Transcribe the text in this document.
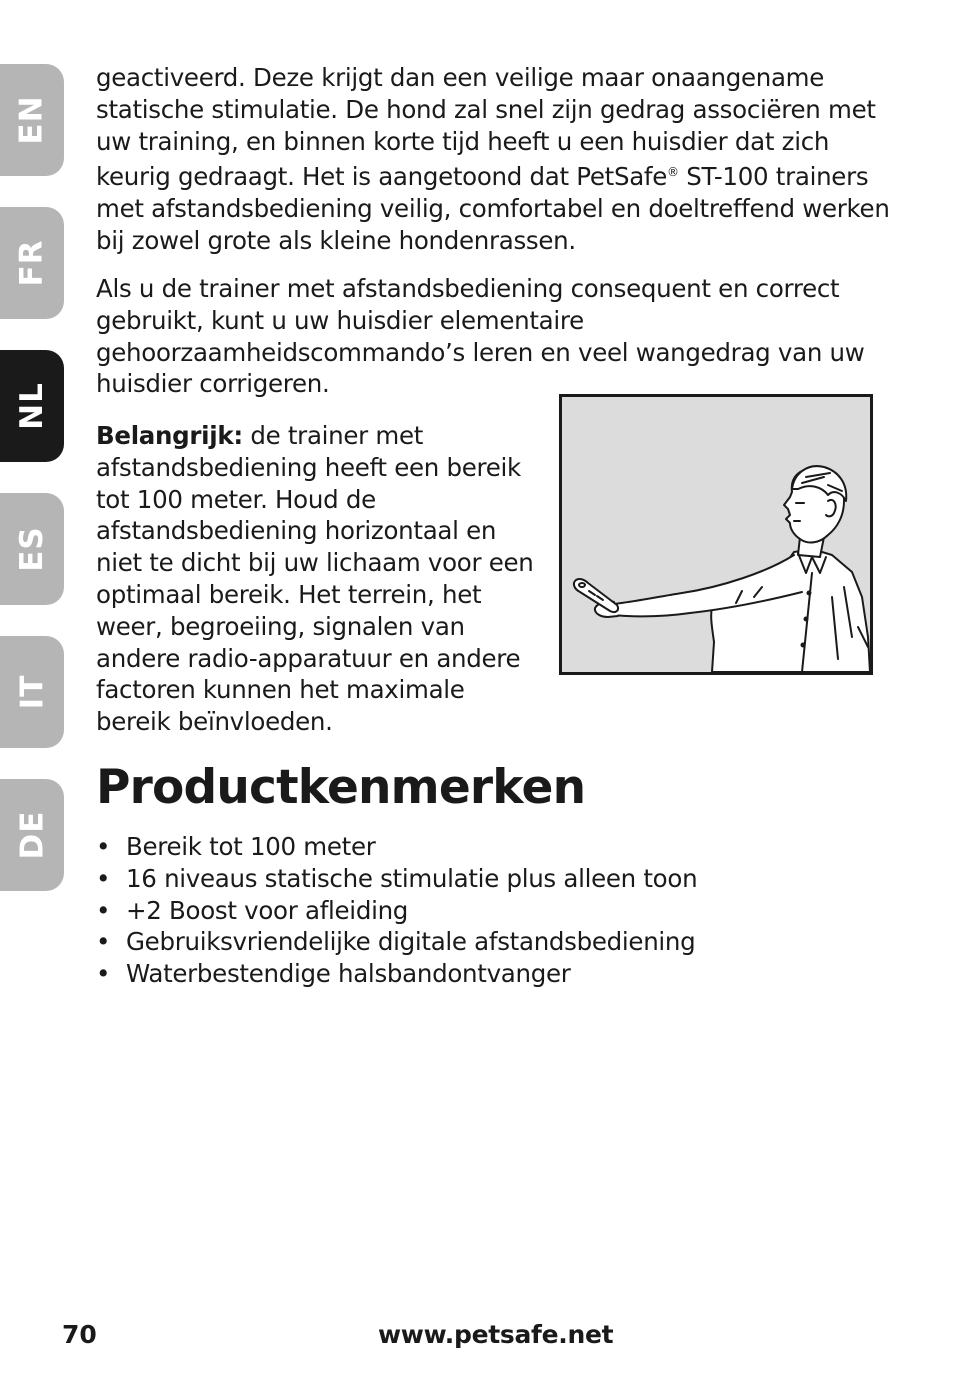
EN
FR
NL
ES
IT
DE

geactiveerd. Deze krijgt dan een veilige maar onaangename statische stimulatie. De hond zal snel zijn gedrag associëren met uw training, en binnen korte tijd heeft u een huisdier dat zich keurig gedraagt. Het is aangetoond dat PetSafe® ST-100 trainers met afstandsbediening veilig, comfortabel en doeltreffend werken bij zowel grote als kleine hondenrassen.

Als u de trainer met afstandsbediening consequent en correct gebruikt, kunt u uw huisdier elementaire gehoorzaamheidscommando’s leren en veel wangedrag van uw huisdier corrigeren.

Belangrijk: de trainer met afstandsbediening heeft een bereik tot 100 meter. Houd de afstandsbediening horizontaal en niet te dicht bij uw lichaam voor een optimaal bereik. Het terrein, het weer, begroeiing, signalen van andere radio-apparatuur en andere factoren kunnen het maximale bereik beïnvloeden.

Productkenmerken
• Bereik tot 100 meter
• 16 niveaus statische stimulatie plus alleen toon
• +2 Boost voor afleiding
• Gebruiksvriendelijke digitale afstandsbediening
• Waterbestendige halsbandontvanger
70	www.petsafe.net
